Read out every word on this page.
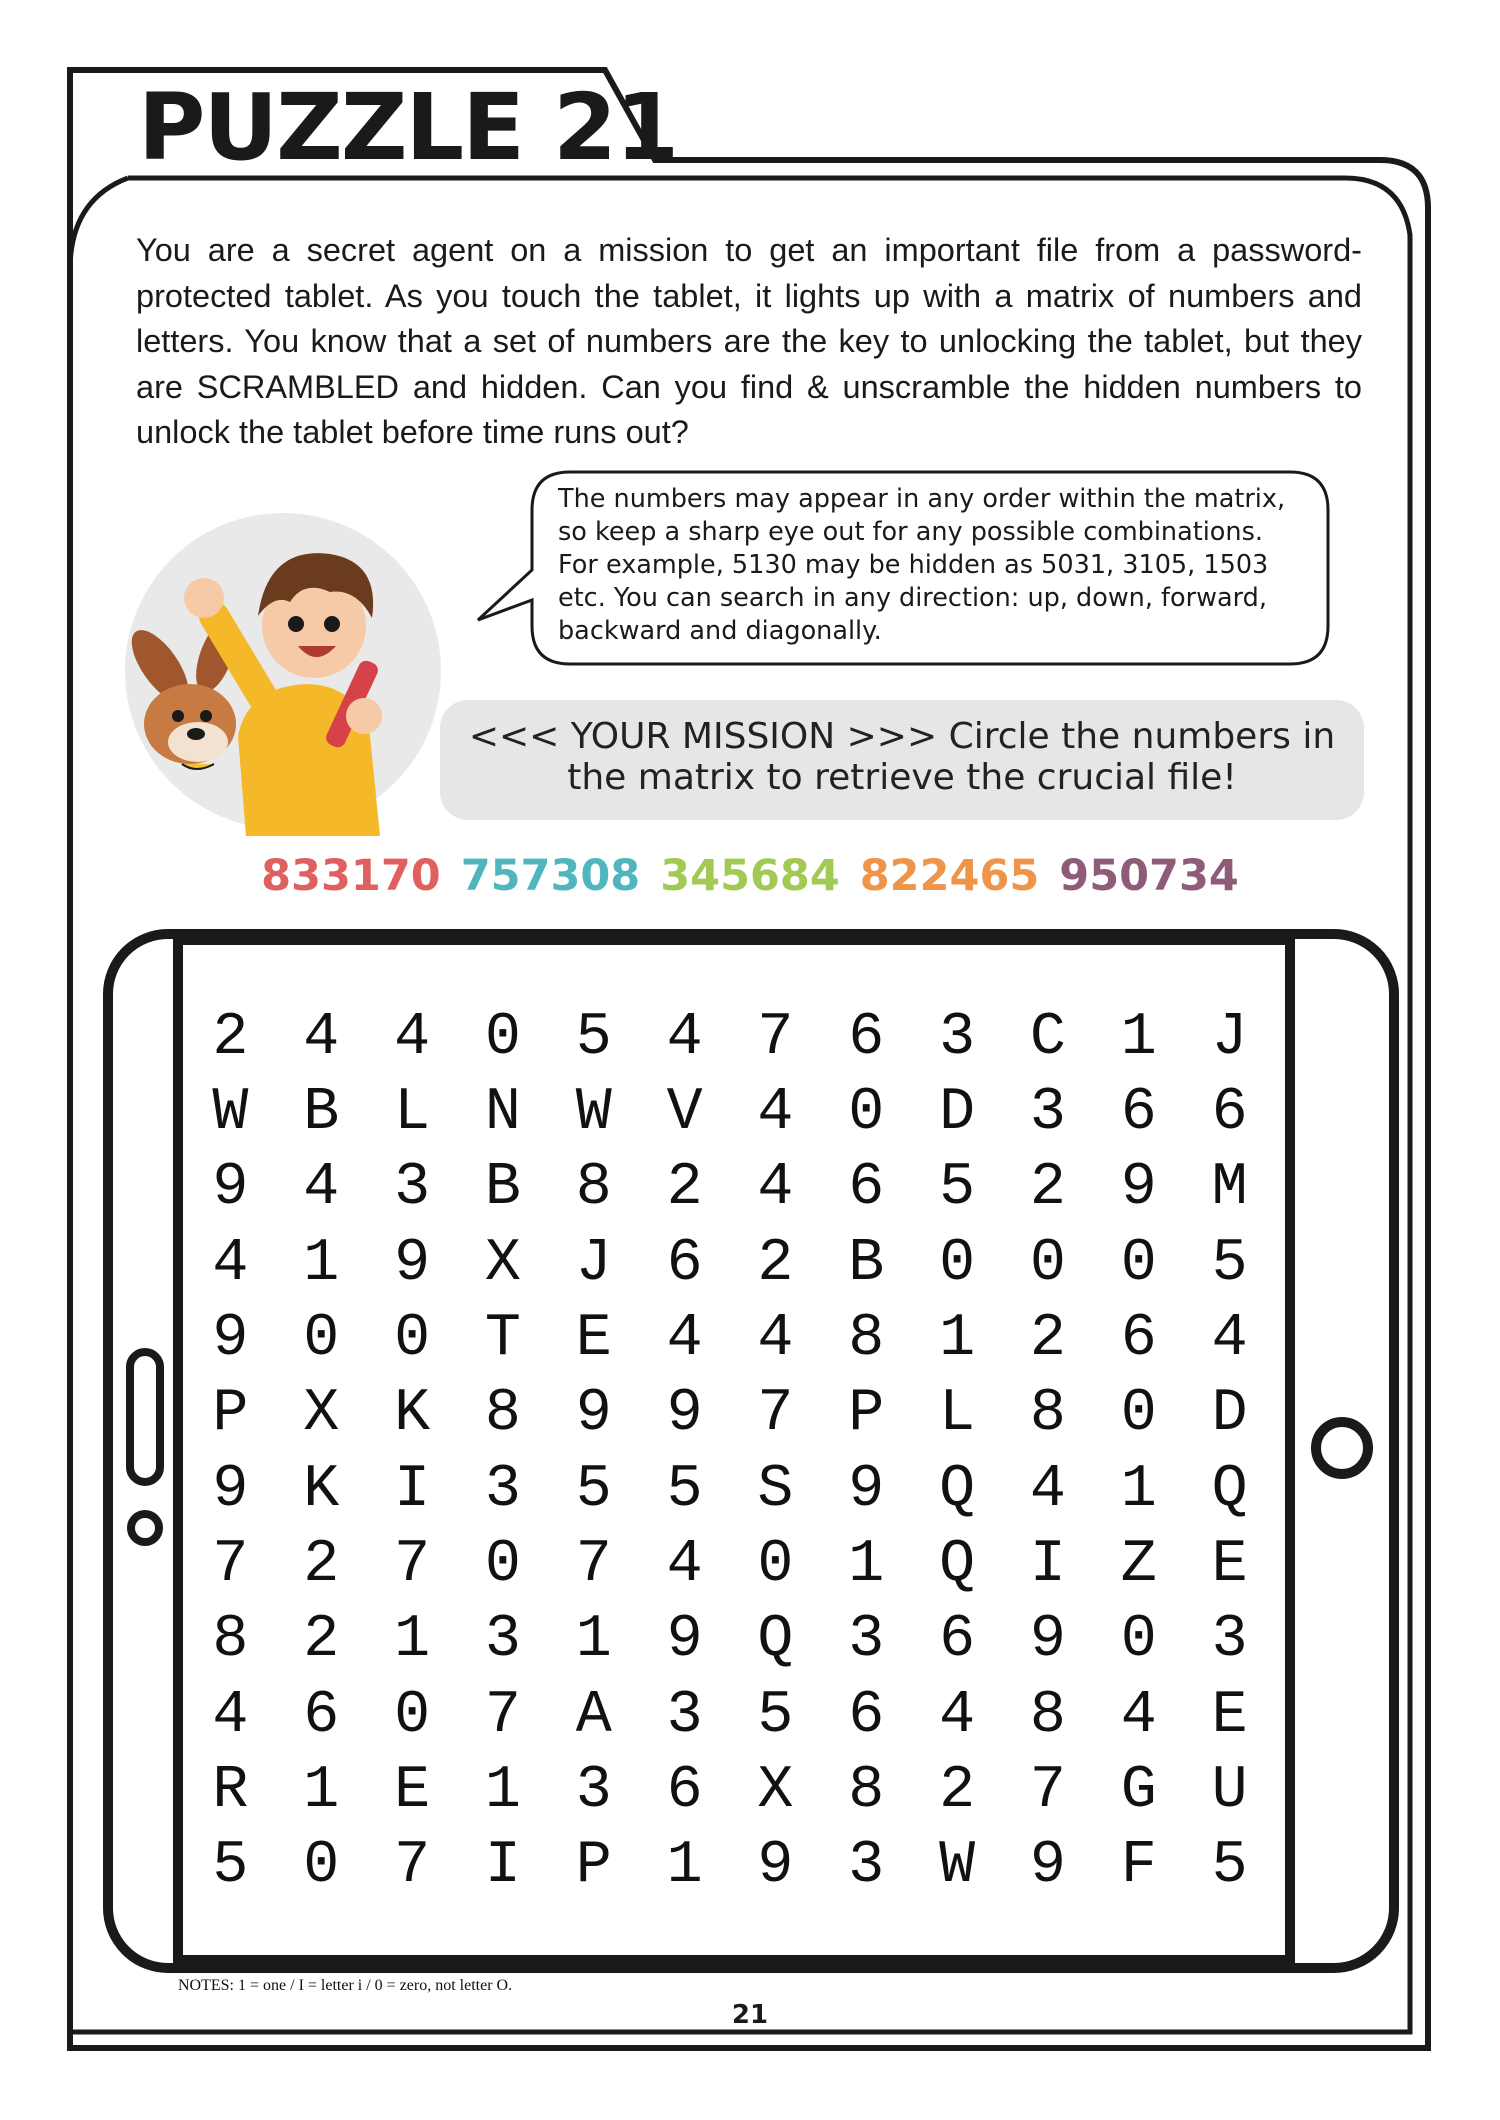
PUZZLE 21

You are a secret agent on a mission to get an important file from a password-protected tablet. As you touch the tablet, it lights up with a matrix of numbers and letters. You know that a set of numbers are the key to unlocking the tablet, but they are SCRAMBLED and hidden. Can you find & unscramble the hidden numbers to unlock the tablet before time runs out?

The numbers may appear in any order within the matrix, so keep a sharp eye out for any possible combinations. For example, 5130 may be hidden as 5031, 3105, 1503 etc. You can search in any direction: up, down, forward, backward and diagonally.

<<< YOUR MISSION >>> Circle the numbers in
the matrix to retrieve the crucial file!
833170 757308 345684 822465 950734
2 4 4 0 5 4 7 6 3 C 1 J
W B L N W V 4 0 D 3 6 6
9 4 3 B 8 2 4 6 5 2 9 M
4 1 9 X J 6 2 B 0 0 0 5
9 0 0 T E 4 4 8 1 2 6 4
P X K 8 9 9 7 P L 8 0 D
9 K I 3 5 5 S 9 Q 4 1 Q
7 2 7 0 7 4 0 1 Q I Z E
8 2 1 3 1 9 Q 3 6 9 0 3
4 6 0 7 A 3 5 6 4 8 4 E
R 1 E 1 3 6 X 8 2 7 G U
5 0 7 I P 1 9 3 W 9 F 5

NOTES: 1 = one / I = letter i / 0 = zero, not letter O.

21
